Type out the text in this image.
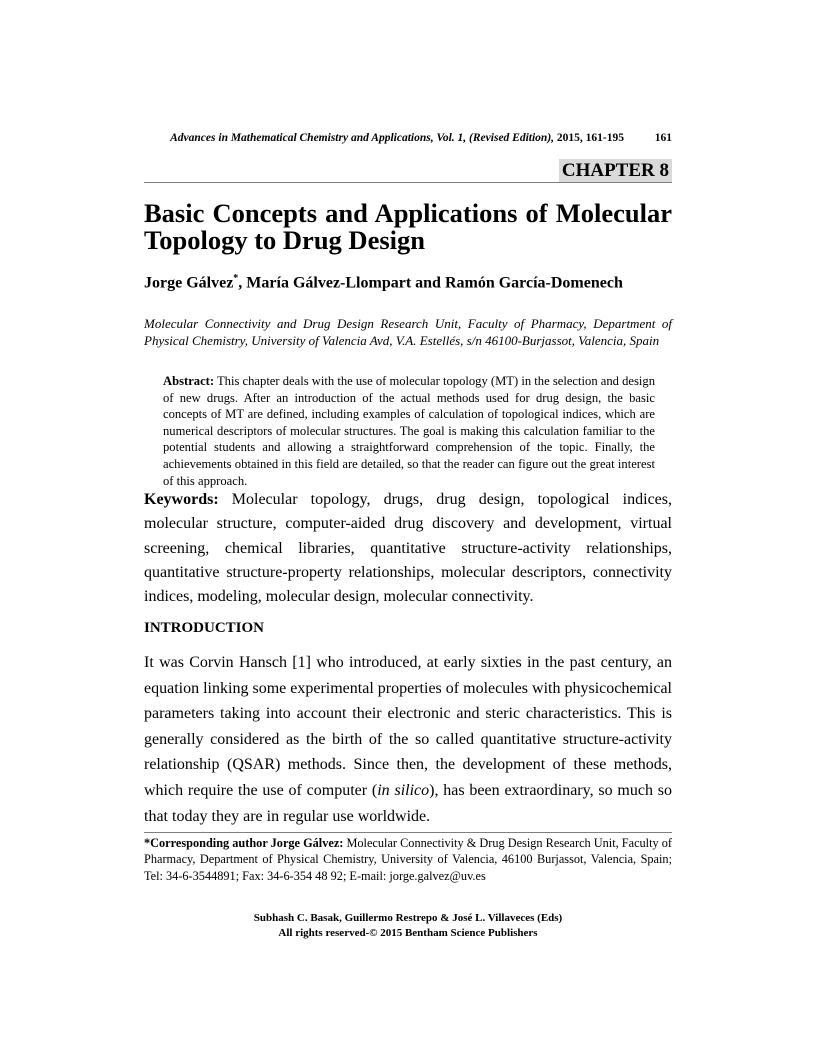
Advances in Mathematical Chemistry and Applications, Vol. 1, (Revised Edition), 2015, 161-195	161
CHAPTER 8
Basic Concepts and Applications of Molecular Topology to Drug Design
Jorge Gálvez*, María Gálvez-Llompart and Ramón García-Domenech
Molecular Connectivity and Drug Design Research Unit, Faculty of Pharmacy, Department of Physical Chemistry, University of Valencia Avd, V.A. Estellés, s/n 46100-Burjassot, Valencia, Spain
Abstract: This chapter deals with the use of molecular topology (MT) in the selection and design of new drugs. After an introduction of the actual methods used for drug design, the basic concepts of MT are defined, including examples of calculation of topological indices, which are numerical descriptors of molecular structures. The goal is making this calculation familiar to the potential students and allowing a straightforward comprehension of the topic. Finally, the achievements obtained in this field are detailed, so that the reader can figure out the great interest of this approach.
Keywords: Molecular topology, drugs, drug design, topological indices, molecular structure, computer-aided drug discovery and development, virtual screening, chemical libraries, quantitative structure-activity relationships, quantitative structure-property relationships, molecular descriptors, connectivity indices, modeling, molecular design, molecular connectivity.
INTRODUCTION
It was Corvin Hansch [1] who introduced, at early sixties in the past century, an equation linking some experimental properties of molecules with physicochemical parameters taking into account their electronic and steric characteristics. This is generally considered as the birth of the so called quantitative structure-activity relationship (QSAR) methods. Since then, the development of these methods, which require the use of computer (in silico), has been extraordinary, so much so that today they are in regular use worldwide.
*Corresponding author Jorge Gálvez: Molecular Connectivity & Drug Design Research Unit, Faculty of Pharmacy, Department of Physical Chemistry, University of Valencia, 46100 Burjassot, Valencia, Spain; Tel: 34-6-3544891; Fax: 34-6-354 48 92; E-mail: jorge.galvez@uv.es
Subhash C. Basak, Guillermo Restrepo & José L. Villaveces (Eds)
All rights reserved-© 2015 Bentham Science Publishers
